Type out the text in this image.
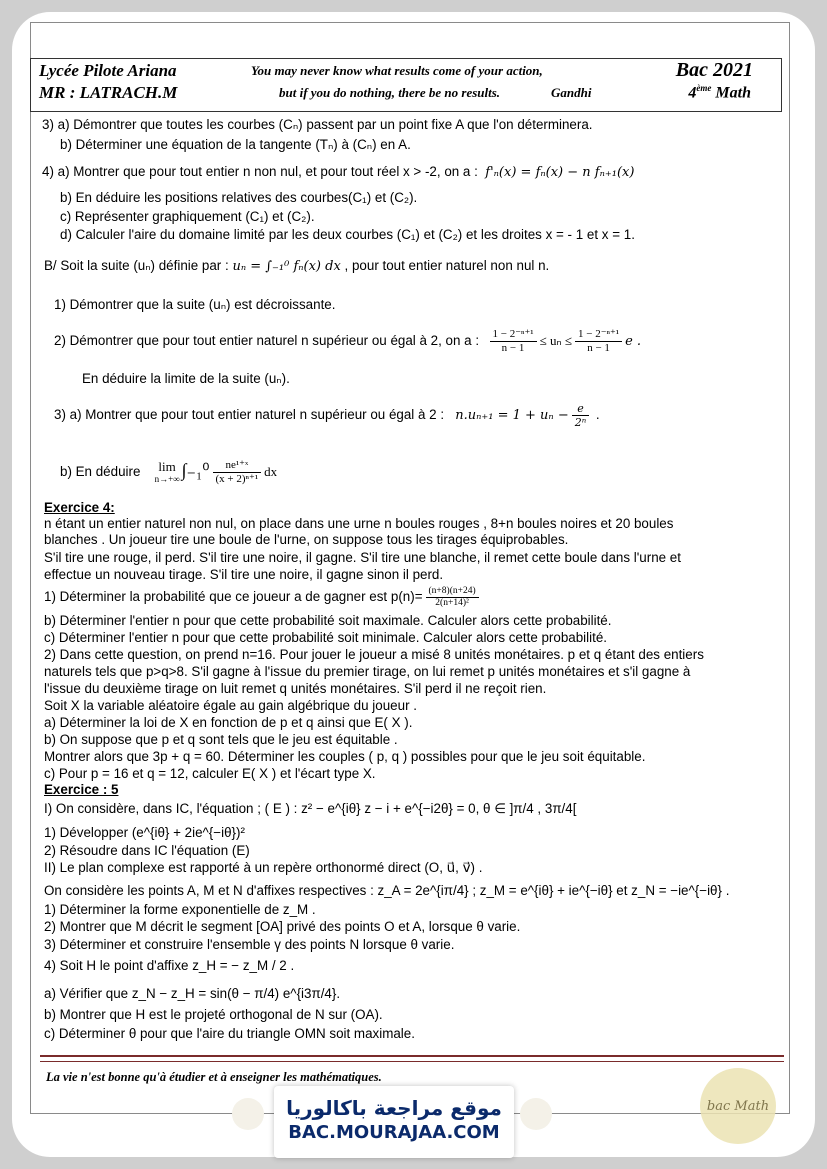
Lycée Pilote Ariana
MR : LATRACH.M
You may never know what results come of your action,
but if you do nothing, there be no results.	Gandhi
Bac 2021
4ème Math
3) a) Démontrer que toutes les courbes (Cₙ) passent par un point fixe A que l'on déterminera.
b) Déterminer une équation de la tangente (Tₙ) à (Cₙ) en A.
4) a) Montrer que pour tout entier n non nul, et pour tout réel x > -2, on a : f'ₙ(x) = fₙ(x) − n fₙ₊₁(x)
b) En déduire les positions relatives des courbes(C₁) et (C₂).
c) Représenter graphiquement (C₁) et (C₂).
d) Calculer l'aire du domaine limité par les deux courbes (C₁) et (C₂) et les droites x = - 1 et x = 1.
B/ Soit la suite (uₙ) définie par : uₙ = ∫₋₁⁰ fₙ(x) dx , pour tout entier naturel non nul n.
1) Démontrer que la suite (uₙ) est décroissante.
2) Démontrer que pour tout entier naturel n supérieur ou égal à 2, on a : $\frac{\text{1 − 2⁻ⁿ⁺¹}}{n - 1} \le u_n \le \frac{\text{1 − 2⁻ⁿ⁺¹}}{n - 1}$ e .
En déduire la limite de la suite (uₙ).
3) a) Montrer que pour tout entier naturel n supérieur ou égal à 2 : $n.u_{n+1} = 1 + u_n - \frac{e}{\text{2ⁿ}}$ .
b) En déduire lim
n→+∞ $\int_{-1}^0 \frac{\text{ne¹⁺ˣ}}{\text{(x + 2)ⁿ⁺¹}}$ dx
Exercice 4:
n étant un entier naturel non nul, on place dans une urne n boules rouges , 8+n boules noires et 20 boules
blanches . Un joueur tire une boule de l'urne, on suppose tous les tirages équiprobables.
S'il tire une rouge, il perd. S'il tire une noire, il gagne. S'il tire une blanche, il remet cette boule dans l'urne et
effectue un nouveau tirage. S'il tire une noire, il gagne sinon il perd.
1) Déterminer la probabilité que ce joueur a de gagner est $p(n)= \frac{(n+8)(n+24)}{\text{2(n+14)²}}$
b) Déterminer l'entier n pour que cette probabilité soit maximale. Calculer alors cette probabilité.
c) Déterminer l'entier n pour que cette probabilité soit minimale. Calculer alors cette probabilité.
2) Dans cette question, on prend n=16. Pour jouer le joueur a misé 8 unités monétaires. p et q étant des entiers
naturels tels que p>q>8. S'il gagne à l'issue du premier tirage, on lui remet p unités monétaires et s'il gagne à
l'issue du deuxième tirage on luit remet q unités monétaires. S'il perd il ne reçoit rien.
Soit X la variable aléatoire égale au gain algébrique du joueur .
a) Déterminer la loi de X en fonction de p et q ainsi que E( X ).
b) On suppose que p et q sont tels que le jeu est équitable .
Montrer alors que 3p + q = 60. Déterminer les couples ( p, q ) possibles pour que le jeu soit équitable.
c) Pour p = 16 et q = 12, calculer E( X ) et l'écart type X.
Exercice : 5
I) On considère, dans IC, l'équation ; ( E ) : z² − e^{iθ} z − i + e^{−i2θ} = 0, θ ∈ ]π/4 , 3π/4[
1) Développer (e^{iθ} + 2ie^{−iθ})²
2) Résoudre dans IC l'équation (E)
II) Le plan complexe est rapporté à un repère orthonormé direct (O, u⃗, v⃗) .
On considère les points A, M et N d'affixes respectives : z_A = 2e^{iπ/4} ; z_M = e^{iθ} + ie^{−iθ} et z_N = −ie^{−iθ} .
1) Déterminer la forme exponentielle de z_M .
2) Montrer que M décrit le segment [OA] privé des points O et A, lorsque θ varie.
3) Déterminer et construire l'ensemble γ des points N lorsque θ varie.
4) Soit H le point d'affixe z_H = − z_M / 2 .
a) Vérifier que z_N − z_H = sin(θ − π/4) e^{i3π/4}.
b) Montrer que H est le projeté orthogonal de N sur (OA).
c) Déterminer θ pour que l'aire du triangle OMN soit maximale.
La vie n'est bonne qu'à étudier et à enseigner les mathématiques.
موقع مراجعة باكالوريا
BAC.MOURAJAA.COM
bac Math
